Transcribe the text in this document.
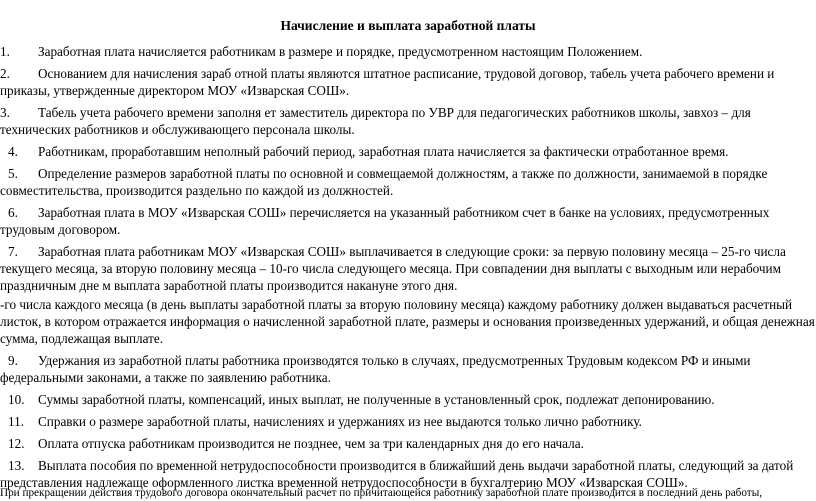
Начисление и выплата заработной платы
1.	Заработная плата начисляется работникам в размере и порядке, предусмотренном настоящим Положением.

2.	Основанием для начисления зараб отной платы являются штатное расписание, трудовой договор, табель учета рабочего времени и приказы, утвержденные директором МОУ «Изварская СОШ».

3.	Табель учета рабочего времени заполня ет заместитель директора по УВР для педагогических работников школы, завхоз – для технических работников и обслуживающего персонала школы.

4.	Работникам, проработавшим неполный рабочий период, заработная плата начисляется за фактически отработанное время.

5.	Определение размеров заработной платы по основной и совмещаемой должностям, а также по должности, занимаемой в порядке совместительства, производится раздельно по каждой из должностей.

6.	Заработная плата в МОУ «Изварская СОШ» перечисляется на указанный работником счет в банке на условиях, предусмотренных трудовым договором.

7.	Заработная плата работникам МОУ «Изварская СОШ» выплачивается в следующие сроки: за первую половину месяца – 25-го числа текущего месяца, за вторую половину месяца – 10-го числа следующего месяца. При совпадении дня выплаты с выходным или нерабочим праздничным дне м выплата заработной платы производится накануне этого дня.

-го числа каждого месяца (в день выплаты заработной платы за вторую половину месяца) каждому работнику должен выдаваться расчетный листок, в котором отражается информация о начисленной заработной плате, размеры и основания произведенных удержаний, и общая денежная сумма, подлежащая выплате.

9.	Удержания из заработной платы работника производятся только в случаях, предусмотренных Трудовым кодексом РФ и иными федеральными законами, а также по заявлению работника.

10.	Суммы заработной платы, компенсаций, иных выплат, не полученные в установленный срок, подлежат депонированию.

11.	Справки о размере заработной платы, начислениях и удержаниях из нее выдаются только лично работнику.

12.	Оплата отпуска работникам производится не позднее, чем за три календарных дня до его начала.

13.	Выплата пособия по временной нетрудоспособности производится в ближайший день выдачи заработной платы, следующий за датой представления надлежаще оформленного листка временной нетрудоспособности в бухгалтерию МОУ «Изварская СОШ».

При прекращении действия трудового договора окончательный расчет по причитающейся работнику заработной плате производится в последний день работы,
